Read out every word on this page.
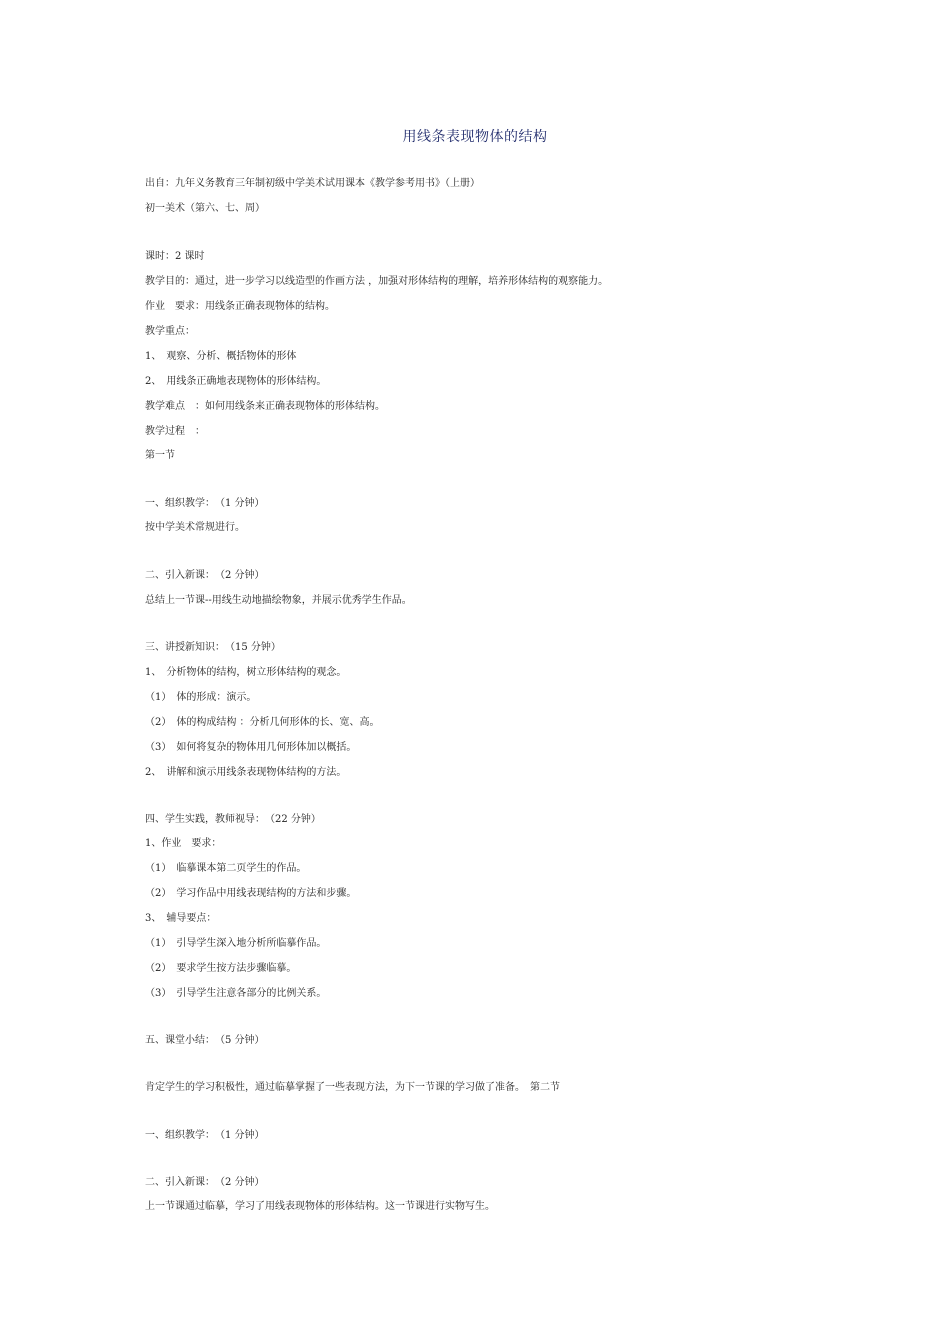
用线条表现物体的结构
出自：九年义务教育三年制初级中学美术试用课本《教学参考用书》（上册）
初一美术（第六、七、周）
课时：2 课时
教学目的：通过，进一步学习以线造型的作画方法 ，加强对形体结构的理解，培养形体结构的观察能力。
作业　要求：用线条正确表现物体的结构。
教学重点：
1、　观察、分析、概括物体的形体
2、　用线条正确地表现物体的形体结构。
教学难点　：如何用线条来正确表现物体的形体结构。
教学过程　：
第一节
一、组织教学：　（1 分钟）
按中学美术常规进行。
二、引入新课：　（2 分钟）
总结上一节课--用线生动地描绘物象，并展示优秀学生作品。
三、讲授新知识：　（15 分钟）
1、　分析物体的结构，树立形体结构的观念。
（1）　体的形成：演示。
（2）　体的构成结构 ：分析几何形体的长、宽、高。
（3）　如何将复杂的物体用几何形体加以概括。
2、　讲解和演示用线条表现物体结构的方法。
四、学生实践，教师视导：　（22 分钟）
1、作业　要求：
（1）　临摹课本第二页学生的作品。
（2）　学习作品中用线表现结构的方法和步骤。
3、　辅导要点：
（1）　引导学生深入地分析所临摹作品。
（2）　要求学生按方法步骤临摹。
（3）　引导学生注意各部分的比例关系。
五、课堂小结：　（5 分钟）
肯定学生的学习积极性，通过临摹掌握了一些表现方法，为下一节课的学习做了准备。　第二节
一、组织教学：　（1 分钟）
二、引入新课：　（2 分钟）
上一节课通过临摹，学习了用线表现物体的形体结构。这一节课进行实物写生。
